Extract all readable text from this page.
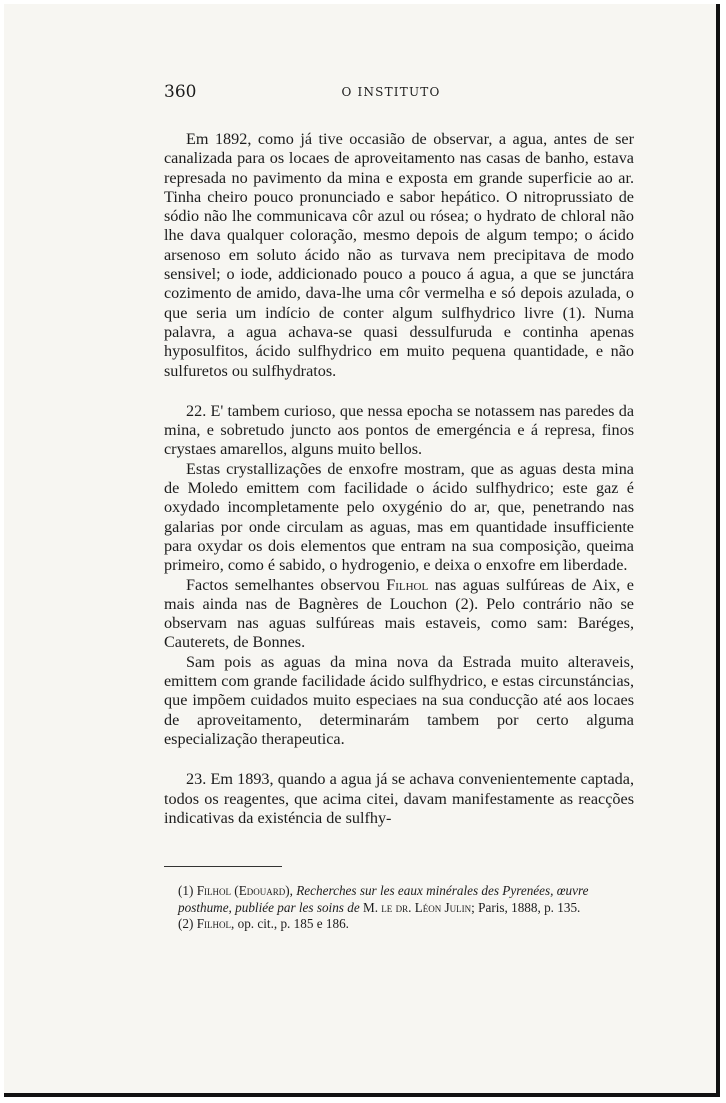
360	O INSTITUTO

Em 1892, como já tive occasião de observar, a agua, antes de ser canalizada para os locaes de aproveitamento nas casas de banho, estava represada no pavimento da mina e exposta em grande superficie ao ar. Tinha cheiro pouco pronunciado e sabor hepático. O nitroprussiato de sódio não lhe communicava côr azul ou rósea; o hydrato de chloral não lhe dava qualquer coloração, mesmo depois de algum tempo; o ácido arsenoso em soluto ácido não as turvava nem precipitava de modo sensivel; o iode, addicionado pouco a pouco á agua, a que se junctára cozimento de amido, dava-lhe uma côr vermelha e só depois azulada, o que seria um indício de conter algum sulfhydrico livre (1). Numa palavra, a agua achava-se quasi dessulfuruda e continha apenas hyposulfitos, ácido sulfhydrico em muito pequena quantidade, e não sulfuretos ou sulfhydratos.

22. E' tambem curioso, que nessa epocha se notassem nas paredes da mina, e sobretudo juncto aos pontos de emergéncia e á represa, finos crystaes amarellos, alguns muito bellos.

Estas crystallizações de enxofre mostram, que as aguas desta mina de Moledo emittem com facilidade o ácido sulfhydrico; este gaz é oxydado incompletamente pelo oxygénio do ar, que, penetrando nas galarias por onde circulam as aguas, mas em quantidade insufficiente para oxydar os dois elementos que entram na sua composição, queima primeiro, como é sabido, o hydrogenio, e deixa o enxofre em liberdade.

Factos semelhantes observou Filhol nas aguas sulfúreas de Aix, e mais ainda nas de Bagnères de Louchon (2). Pelo contrário não se observam nas aguas sulfúreas mais estaveis, como sam: Baréges, Cauterets, de Bonnes.

Sam pois as aguas da mina nova da Estrada muito alteraveis, emittem com grande facilidade ácido sulfhydrico, e estas circunstáncias, que impõem cuidados muito especiaes na sua conducção até aos locaes de aproveitamento, determinarám tambem por certo alguma especialização therapeutica.

23. Em 1893, quando a agua já se achava convenientemente captada, todos os reagentes, que acima citei, davam manifestamente as reacções indicativas da existéncia de sulfhy-

(1) Filhol (Edouard), Recherches sur les eaux minérales des Pyrenées, œuvre posthume, publiée par les soins de M. le dr. Léon Julin; Paris, 1888, p. 135.

(2) Filhol, op. cit., p. 185 e 186.
